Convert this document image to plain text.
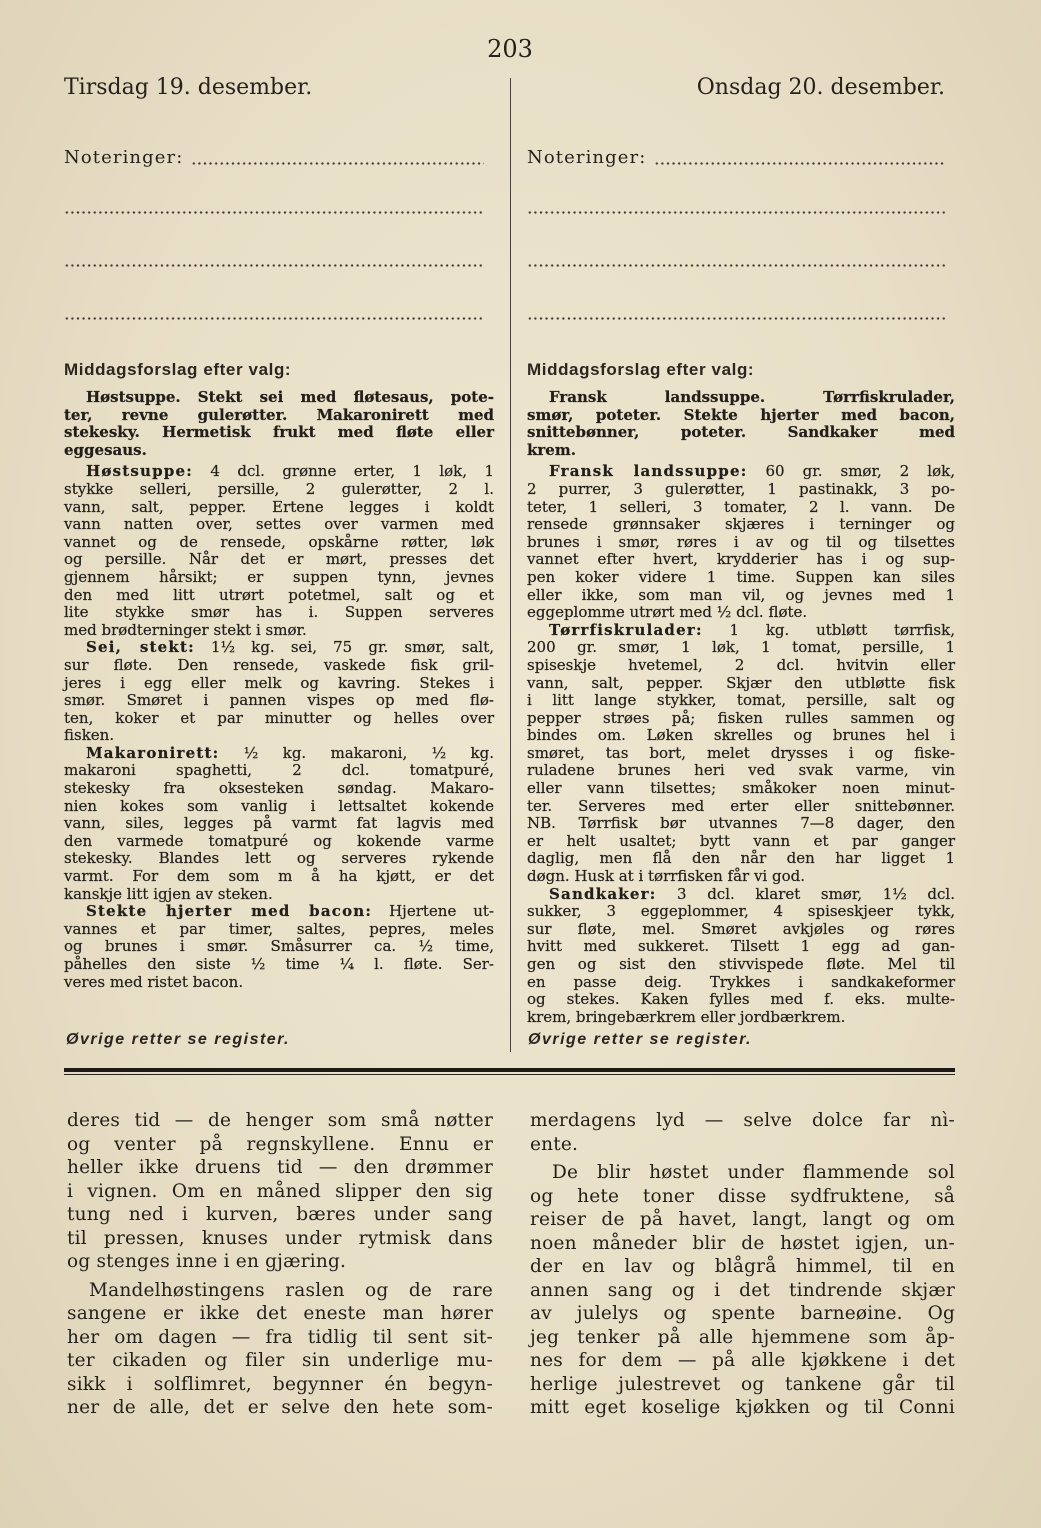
203
Tirsdag 19. desember.	Onsdag 20. desember.
Noteringer:	Noteringer:
Middagsforslag efter valg:	Middagsforslag efter valg:
Høstsuppe. Stekt sei med fløtesaus, pote-
ter, revne gulerøtter. Makaronirett med
stekesky. Hermetisk frukt med fløte eller
eggesaus.
Høstsuppe: 4 dcl. grønne erter, 1 løk, 1
stykke selleri, persille, 2 gulerøtter, 2 l.
vann, salt, pepper. Ertene legges i koldt
vann natten over, settes over varmen med
vannet og de rensede, opskårne røtter, løk
og persille. Når det er mørt, presses det
gjennem hårsikt; er suppen tynn, jevnes
den med litt utrørt potetmel, salt og et
lite stykke smør has i. Suppen serveres
med brødterninger stekt i smør.
Sei, stekt: 1½ kg. sei, 75 gr. smør, salt,
sur fløte. Den rensede, vaskede fisk gril-
jeres i egg eller melk og kavring. Stekes i
smør. Smøret i pannen vispes op med flø-
ten, koker et par minutter og helles over
fisken.
Makaronirett: ½ kg. makaroni, ½ kg.
makaroni spaghetti, 2 dcl. tomatpuré,
stekesky fra oksesteken søndag. Makaro-
nien kokes som vanlig i lettsaltet kokende
vann, siles, legges på varmt fat lagvis med
den varmede tomatpuré og kokende varme
stekesky. Blandes lett og serveres rykende
varmt. For dem som m å ha kjøtt, er det
kanskje litt igjen av steken.
Stekte hjerter med bacon: Hjertene ut-
vannes et par timer, saltes, pepres, meles
og brunes i smør. Småsurrer ca. ½ time,
påhelles den siste ½ time ¼ l. fløte. Ser-
veres med ristet bacon.
Fransk landssuppe. Tørrfiskrulader,
smør, poteter. Stekte hjerter med bacon,
snittebønner, poteter. Sandkaker med
krem.
Fransk landssuppe: 60 gr. smør, 2 løk,
2 purrer, 3 gulerøtter, 1 pastinakk, 3 po-
teter, 1 selleri, 3 tomater, 2 l. vann. De
rensede grønnsaker skjæres i terninger og
brunes i smør, røres i av og til og tilsettes
vannet efter hvert, krydderier has i og sup-
pen koker videre 1 time. Suppen kan siles
eller ikke, som man vil, og jevnes med 1
eggeplomme utrørt med ½ dcl. fløte.
Tørrfiskrulader: 1 kg. utbløtt tørrfisk,
200 gr. smør, 1 løk, 1 tomat, persille, 1
spiseskje hvetemel, 2 dcl. hvitvin eller
vann, salt, pepper. Skjær den utbløtte fisk
i litt lange stykker, tomat, persille, salt og
pepper strøes på; fisken rulles sammen og
bindes om. Løken skrelles og brunes hel i
smøret, tas bort, melet drysses i og fiske-
ruladene brunes heri ved svak varme, vin
eller vann tilsettes; småkoker noen minut-
ter. Serveres med erter eller snittebønner.
NB. Tørrfisk bør utvannes 7—8 dager, den
er helt usaltet; bytt vann et par ganger
daglig, men flå den når den har ligget 1
døgn. Husk at i tørrfisken får vi god.
Sandkaker: 3 dcl. klaret smør, 1½ dcl.
sukker, 3 eggeplommer, 4 spiseskjeer tykk,
sur fløte, mel. Smøret avkjøles og røres
hvitt med sukkeret. Tilsett 1 egg ad gan-
gen og sist den stivvispede fløte. Mel til
en passe deig. Trykkes i sandkakeformer
og stekes. Kaken fylles med f. eks. multe-
krem, bringebærkrem eller jordbærkrem.
Øvrige retter se register.	Øvrige retter se register.
deres tid — de henger som små nøtter
og venter på regnskyllene. Ennu er
heller ikke druens tid — den drømmer
i vignen. Om en måned slipper den sig
tung ned i kurven, bæres under sang
til pressen, knuses under rytmisk dans
og stenges inne i en gjæring.
Mandelhøstingens raslen og de rare
sangene er ikke det eneste man hører
her om dagen — fra tidlig til sent sit-
ter cikaden og filer sin underlige mu-
sikk i solflimret, begynner én begyn-
ner de alle, det er selve den hete som-
merdagens lyd — selve dolce far nì-
ente.
De blir høstet under flammende sol
og hete toner disse sydfruktene, så
reiser de på havet, langt, langt og om
noen måneder blir de høstet igjen, un-
der en lav og blågrå himmel, til en
annen sang og i det tindrende skjær
av julelys og spente barneøine. Og
jeg tenker på alle hjemmene som åp-
nes for dem — på alle kjøkkene i det
herlige julestrevet og tankene går til
mitt eget koselige kjøkken og til Conni
